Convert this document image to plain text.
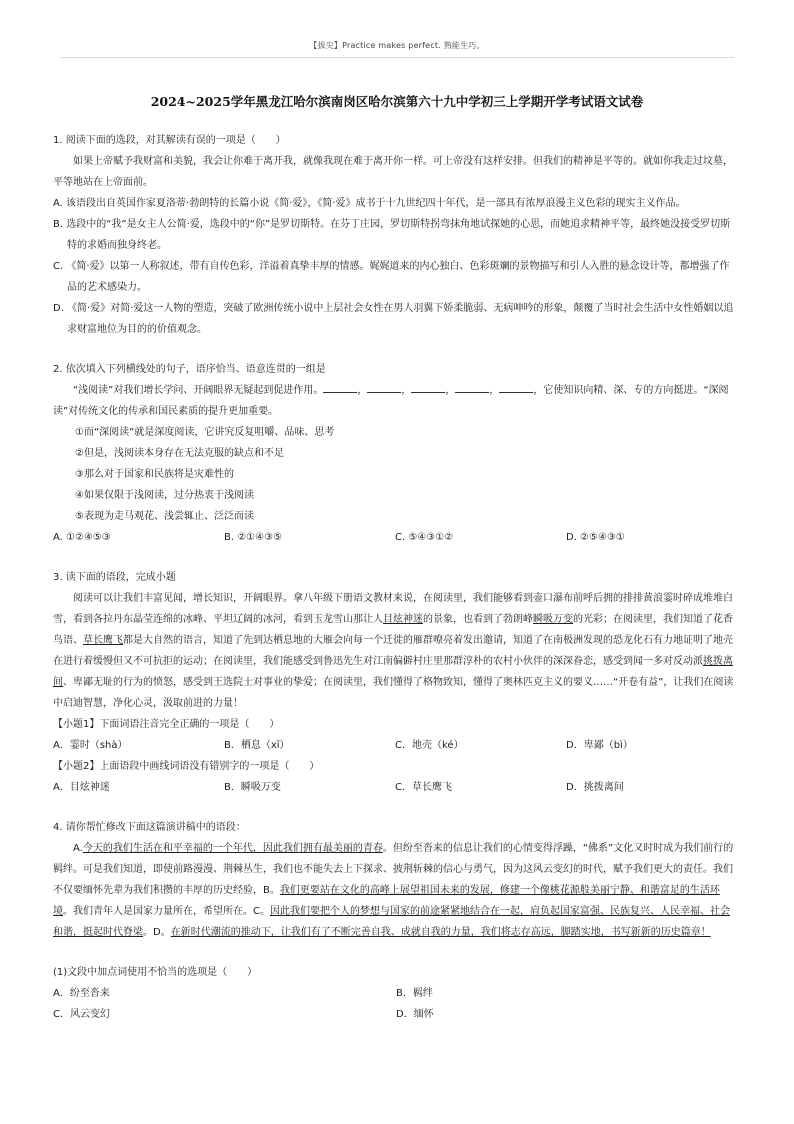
【拔尖】Practice makes perfect. 熟能生巧。
2024~2025学年黑龙江哈尔滨南岗区哈尔滨第六十九中学初三上学期开学考试语文试卷

1. 阅读下面的选段，对其解读有误的一项是（　　）

如果上帝赋予我财富和美貌，我会让你难于离开我，就像我现在难于离开你一样。可上帝没有这样安排。但我们的精神是平等的。就如你我走过坟墓，平等地站在上帝面前。

A. 该语段出自英国作家夏洛蒂·勃朗特的长篇小说《简·爱》，《简·爱》成书于十九世纪四十年代，是一部具有浓厚浪漫主义色彩的现实主义作品。

B. 选段中的“我”是女主人公简·爱，选段中的“你”是罗切斯特。在芬丁庄园，罗切斯特拐弯抹角地试探她的心思，而她追求精神平等，最终她没接受罗切斯特的求婚而独身终老。

C. 《简·爱》以第一人称叙述，带有自传色彩，洋溢着真挚丰厚的情感。娓娓道来的内心独白、色彩斑斓的景物描写和引人入胜的悬念设计等，都增强了作品的艺术感染力。

D. 《简·爱》对简·爱这一人物的塑造，突破了欧洲传统小说中上层社会女性在男人羽翼下娇柔脆弱、无病呻吟的形象，颠覆了当时社会生活中女性婚姻以追求财富地位为目的的价值观念。

2. 依次填入下列横线处的句子，语序恰当、语意连贯的一组是

“浅阅读”对我们增长学问、开阔眼界无疑起到促进作用。	，	，	，	，	，它使知识向精、深、专的方向挺进。“深阅读”对传统文化的传承和国民素质的提升更加重要。

①而“深阅读”就是深度阅读，它讲究反复咀嚼、品味、思考

②但是，浅阅读本身存在无法克服的缺点和不足

③那么对于国家和民族将是灾难性的

④如果仅限于浅阅读，过分热衷于浅阅读

⑤表现为走马观花、浅尝辄止、泛泛而读

A. ①②④⑤③	B. ②①④③⑤	C. ⑤④③①②	D. ②⑤④③①

3. 读下面的语段，完成小题

阅读可以让我们丰富见闻，增长知识，开阔眼界。拿八年级下册语文教材来说，在阅读里，我们能够看到壶口瀑布前呼后拥的排排黄浪霎时碎成堆堆白雪，看到各拉丹东晶莹连绵的冰峰、平坦辽阔的冰河，看到玉龙雪山那让人目炫神迷的景象，也看到了勃朗峰瞬吸万变的光彩；在阅读里，我们知道了花香鸟语、草长鹰飞都是大自然的语言，知道了先到达栖息地的大雁会向每一个迁徙的雁群嘹亮着发出邀请，知道了在南极洲发现的恐龙化石有力地证明了地壳在进行着缓慢但又不可抗拒的运动；在阅读里，我们能感受到鲁迅先生对江南偏僻村庄里那群淳朴的农村小伙伴的深深眷恋，感受到闻一多对反动派挑拨离间、卑鄙无耻的行为的愤怒，感受到王选院士对事业的挚爱；在阅读里，我们懂得了格物致知，懂得了奥林匹克主义的要义……“开卷有益”，让我们在阅读中启迪智慧，净化心灵，汲取前进的力量！

【小题1】下面词语注音完全正确的一项是（　　）

A．霎时（shà）	B．栖息（xī）	C．地壳（ké）	D．卑鄙（bì）

【小题2】上面语段中画线词语没有错别字的一项是（　　）

A．目炫神迷	B．瞬吸万变	C．草长鹰飞	D．挑拨离间

4. 请你帮忙修改下面这篇演讲稿中的语段：

A.今天的我们生活在和平幸福的一个年代，因此我们拥有最美丽的青春。但纷至沓来的信息让我们的心情变得浮躁，“佛系”文化又时时成为我们前行的羁绊。可是我们知道，即使前路漫漫、荆棘丛生，我们也不能失去上下探求、披荆斩棘的信心与勇气，因为这风云变幻的时代，赋予我们更大的责任。我们不仅要缅怀先辈为我们积攒的丰厚的历史经验，B。我们更要站在文化的高峰上展望祖国未来的发展，修建一个像桃花源般美丽宁静、和谐富足的生活环境。我们青年人是国家力量所在，希望所在。C。因此我们要把个人的梦想与国家的前途紧紧地结合在一起，肩负起国家富强、民族复兴、人民幸福、社会和谐，挺起时代脊梁。D。在新时代潮流的推动下，让我们有了不断完善自我、成就自我的力量，我们将志存高远，脚踏实地，书写新新的历史篇章！

(1)文段中加点词使用不恰当的选项是（　　）

A．纷至沓来	B．羁绊

C．风云变幻	D．缅怀
